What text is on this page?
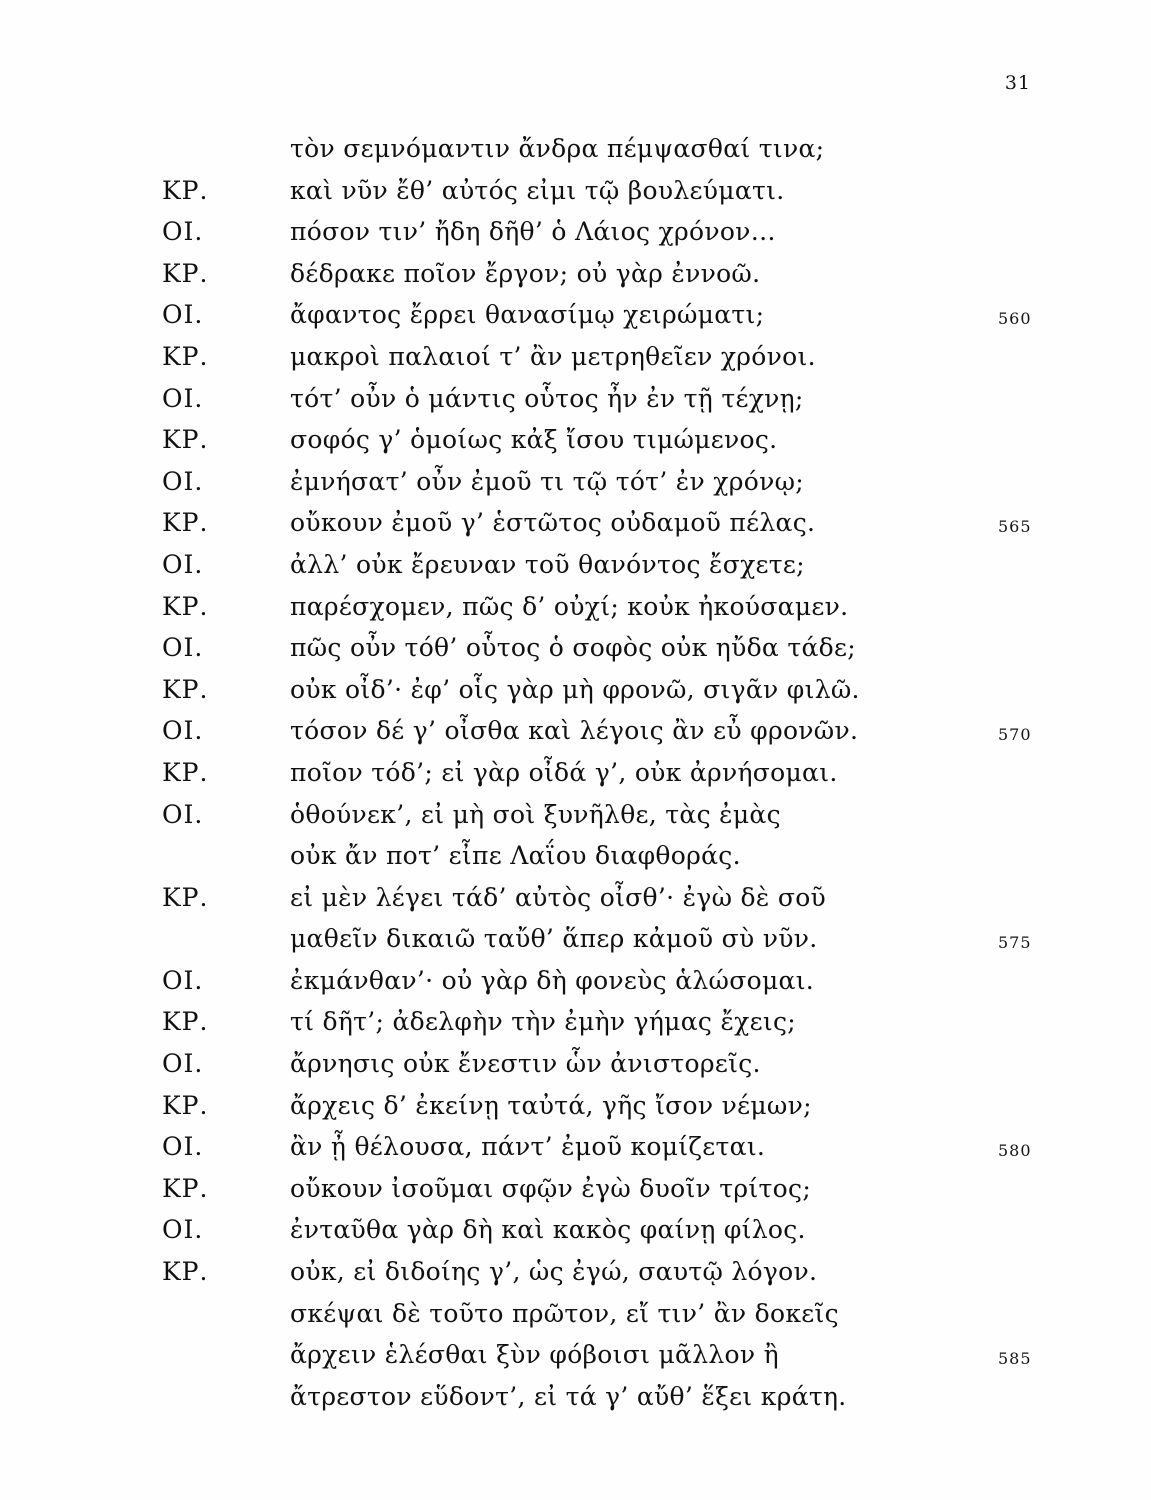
31
τὸν σεμνόμαντιν ἄνδρα πέμψασθαί τινα;
ΚΡ.	καὶ νῦν ἔθ’ αὐτός εἰμι τῷ βουλεύματι.
ΟΙ.	πόσον τιν’ ἤδη δῆθ’ ὁ Λάιος χρόνον…
ΚΡ.	δέδρακε ποῖον ἔργον; οὐ γὰρ ἐννοῶ.
ΟΙ.	ἄφαντος ἔρρει θανασίμῳ χειρώματι;	560
ΚΡ.	μακροὶ παλαιοί τ’ ἂν μετρηθεῖεν χρόνοι.
ΟΙ.	τότ’ οὖν ὁ μάντις οὗτος ἦν ἐν τῇ τέχνῃ;
ΚΡ.	σοφός γ’ ὁμοίως κἀξ ἴσου τιμώμενος.
ΟΙ.	ἐμνήσατ’ οὖν ἐμοῦ τι τῷ τότ’ ἐν χρόνῳ;
ΚΡ.	οὔκουν ἐμοῦ γ’ ἑστῶτος οὐδαμοῦ πέλας.	565
ΟΙ.	ἀλλ’ οὐκ ἔρευναν τοῦ θανόντος ἔσχετε;
ΚΡ.	παρέσχομεν, πῶς δ’ οὐχί; κοὐκ ἠκούσαμεν.
ΟΙ.	πῶς οὖν τόθ’ οὗτος ὁ σοφὸς οὐκ ηὔδα τάδε;
ΚΡ.	οὐκ οἶδ’· ἐφ’ οἷς γὰρ μὴ φρονῶ, σιγᾶν φιλῶ.
ΟΙ.	τόσον δέ γ’ οἶσθα καὶ λέγοις ἂν εὖ φρονῶν.	570
ΚΡ.	ποῖον τόδ’; εἰ γὰρ οἶδά γ’, οὐκ ἀρνήσομαι.
ΟΙ.	ὁθούνεκ’, εἰ μὴ σοὶ ξυνῆλθε, τὰς ἐμὰς
οὐκ ἄν ποτ’ εἶπε Λαΐου διαφθοράς.
ΚΡ.	εἰ μὲν λέγει τάδ’ αὐτὸς οἶσθ’· ἐγὼ δὲ σοῦ
μαθεῖν δικαιῶ ταὔθ’ ἅπερ κἀμοῦ σὺ νῦν.	575
ΟΙ.	ἐκμάνθαν’· οὐ γὰρ δὴ φονεὺς ἁλώσομαι.
ΚΡ.	τί δῆτ’; ἀδελφὴν τὴν ἐμὴν γήμας ἔχεις;
ΟΙ.	ἄρνησις οὐκ ἔνεστιν ὧν ἀνιστορεῖς.
ΚΡ.	ἄρχεις δ’ ἐκείνῃ ταὐτά, γῆς ἴσον νέμων;
ΟΙ.	ἂν ᾖ θέλουσα, πάντ’ ἐμοῦ κομίζεται.	580
ΚΡ.	οὔκουν ἰσοῦμαι σφῷν ἐγὼ δυοῖν τρίτος;
ΟΙ.	ἐνταῦθα γὰρ δὴ καὶ κακὸς φαίνῃ φίλος.
ΚΡ.	οὐκ, εἰ διδοίης γ’, ὡς ἐγώ, σαυτῷ λόγον.
σκέψαι δὲ τοῦτο πρῶτον, εἴ τιν’ ἂν δοκεῖς
ἄρχειν ἑλέσθαι ξὺν φόβοισι μᾶλλον ἢ	585
ἄτρεστον εὕδοντ’, εἰ τά γ’ αὔθ’ ἕξει κράτη.
